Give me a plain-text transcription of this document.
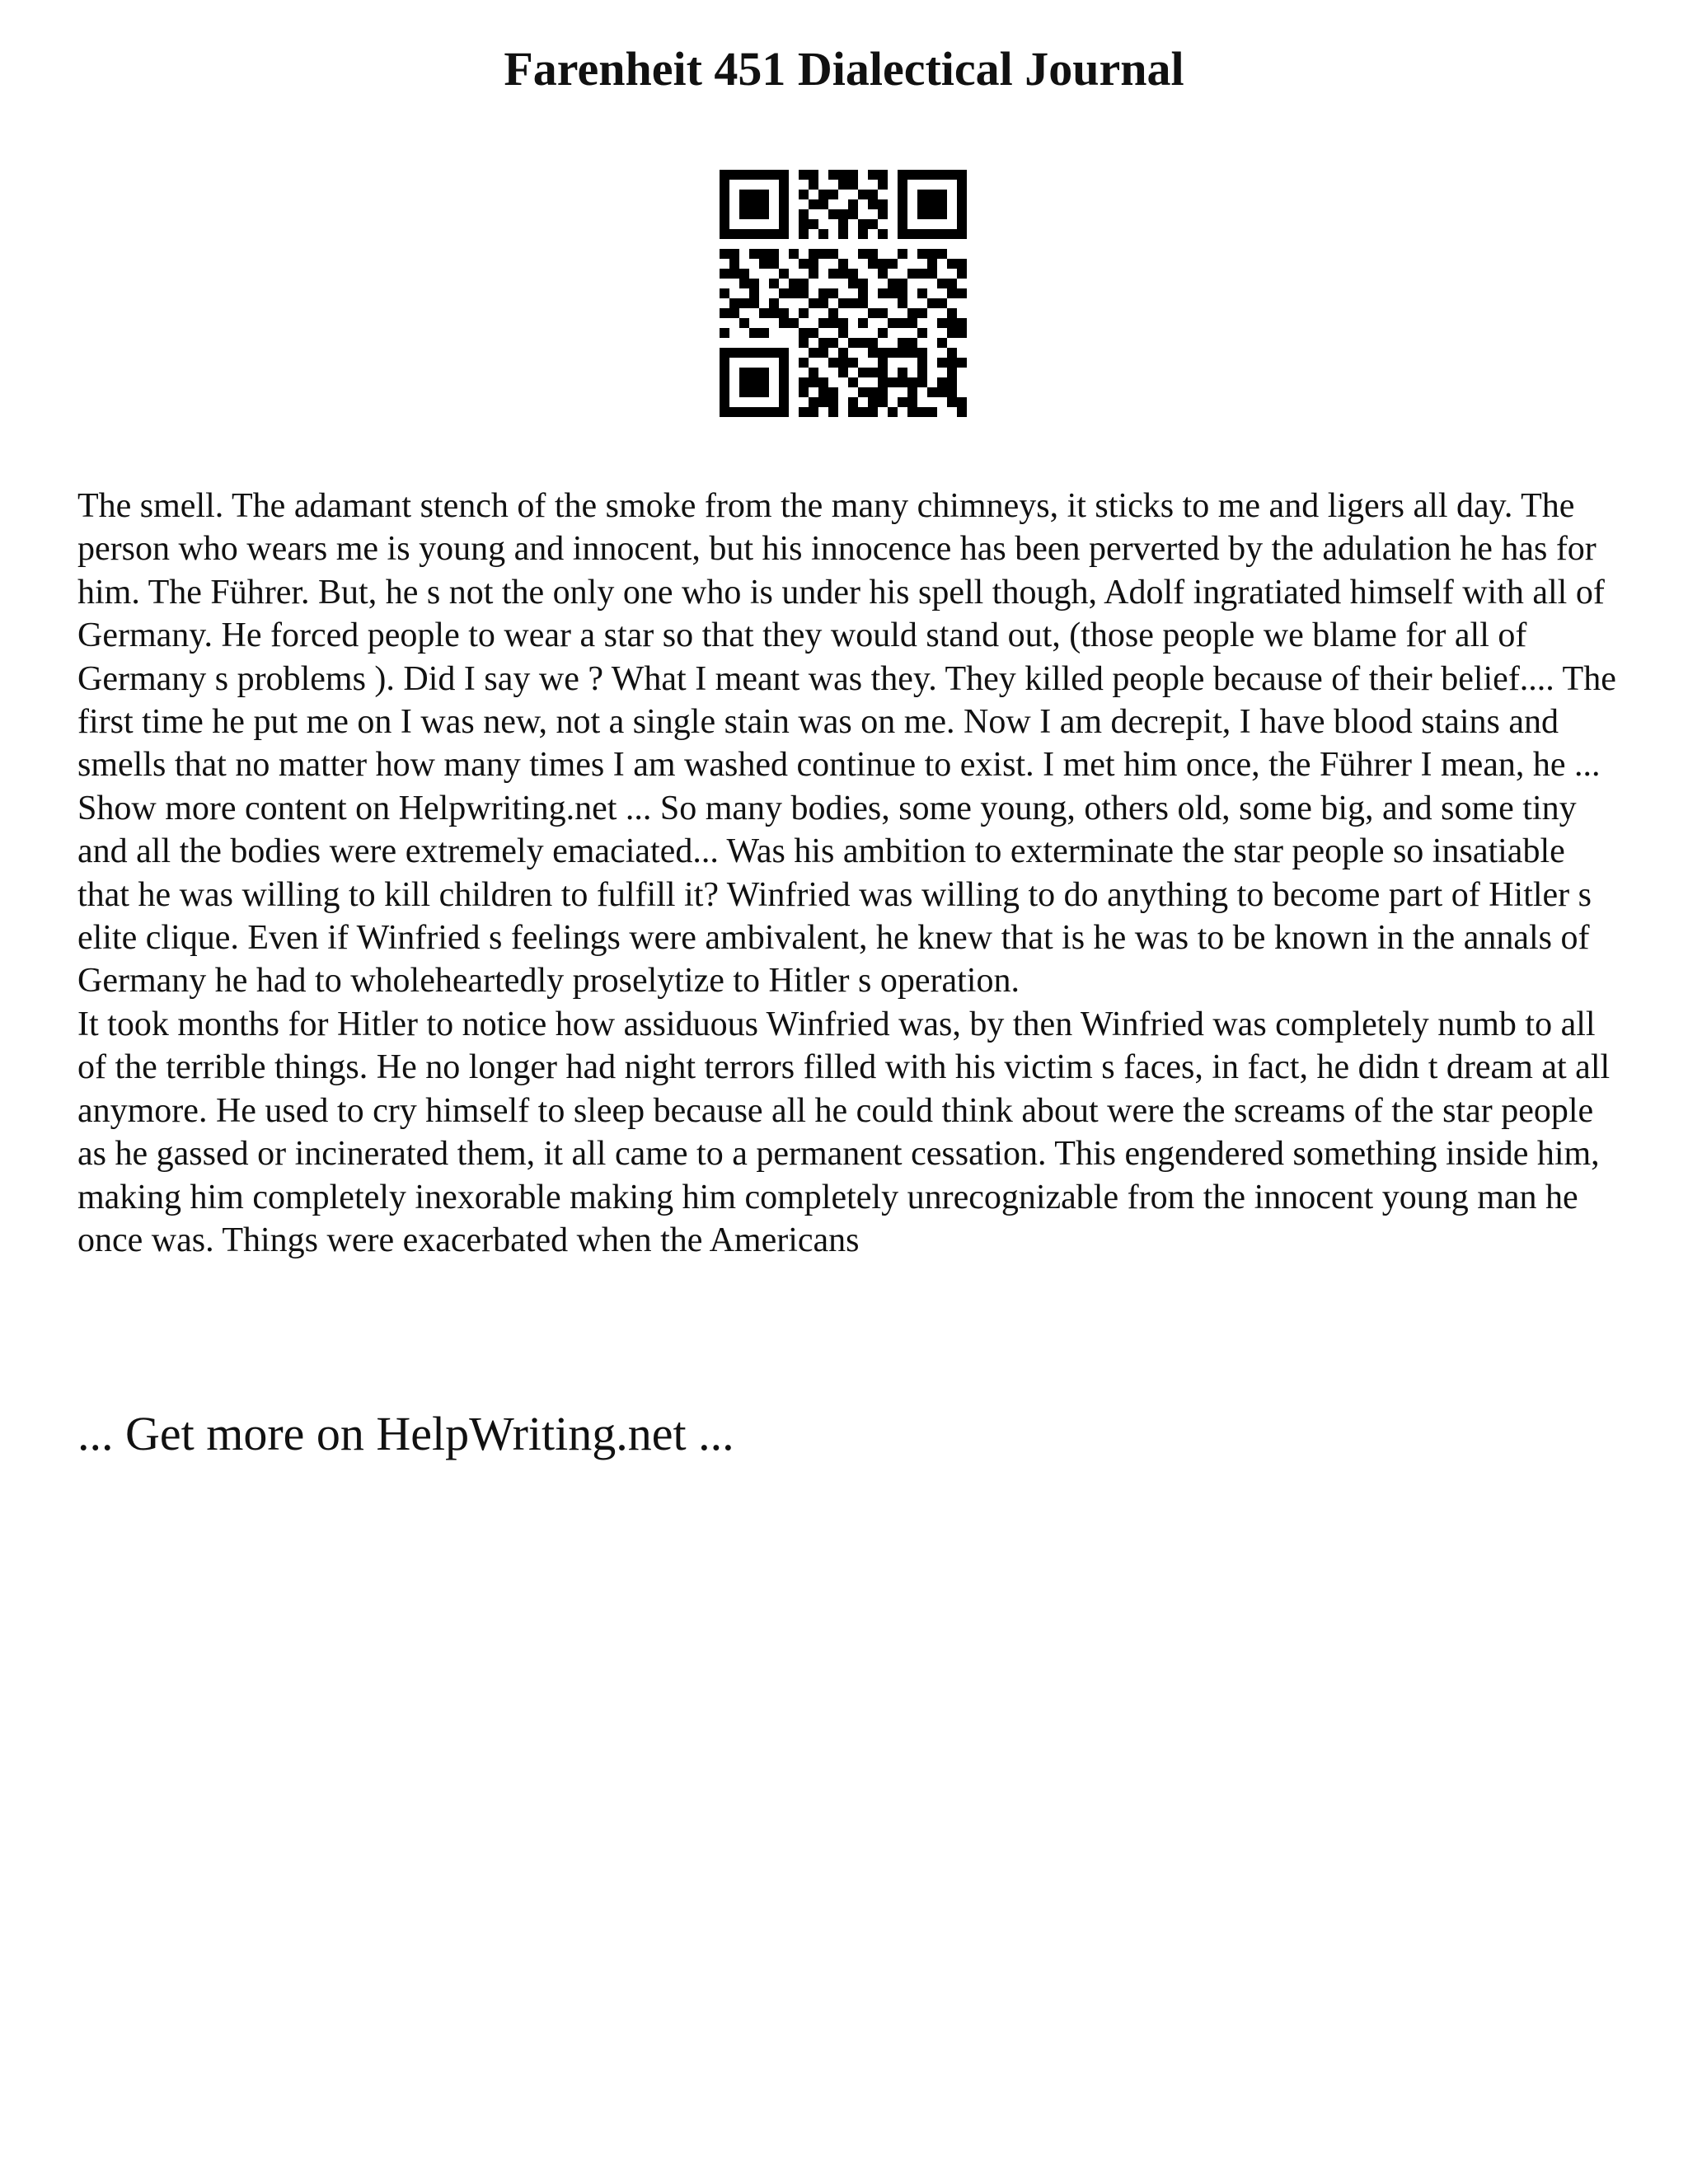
Farenheit 451 Dialectical Journal

The smell. The adamant stench of the smoke from the many chimneys, it sticks to me and ligers all day. The person who wears me is young and innocent, but his innocence has been perverted by the adulation he has for him. The Führer. But, he s not the only one who is under his spell though, Adolf ingratiated himself with all of Germany. He forced people to wear a star so that they would stand out, (those people we blame for all of Germany s problems ). Did I say we ? What I meant was they. They killed people because of their belief.... The first time he put me on I was new, not a single stain was on me. Now I am decrepit, I have blood stains and smells that no matter how many times I am washed continue to exist. I met him once, the Führer I mean, he ... Show more content on Helpwriting.net ... So many bodies, some young, others old, some big, and some tiny and all the bodies were extremely emaciated... Was his ambition to exterminate the star people so insatiable that he was willing to kill children to fulfill it? Winfried was willing to do anything to become part of Hitler s elite clique. Even if Winfried s feelings were ambivalent, he knew that is he was to be known in the annals of Germany he had to wholeheartedly proselytize to Hitler s operation.

It took months for Hitler to notice how assiduous Winfried was, by then Winfried was completely numb to all of the terrible things. He no longer had night terrors filled with his victim s faces, in fact, he didn t dream at all anymore. He used to cry himself to sleep because all he could think about were the screams of the star people as he gassed or incinerated them, it all came to a permanent cessation. This engendered something inside him, making him completely inexorable making him completely unrecognizable from the innocent young man he once was. Things were exacerbated when the Americans

... Get more on HelpWriting.net ...
